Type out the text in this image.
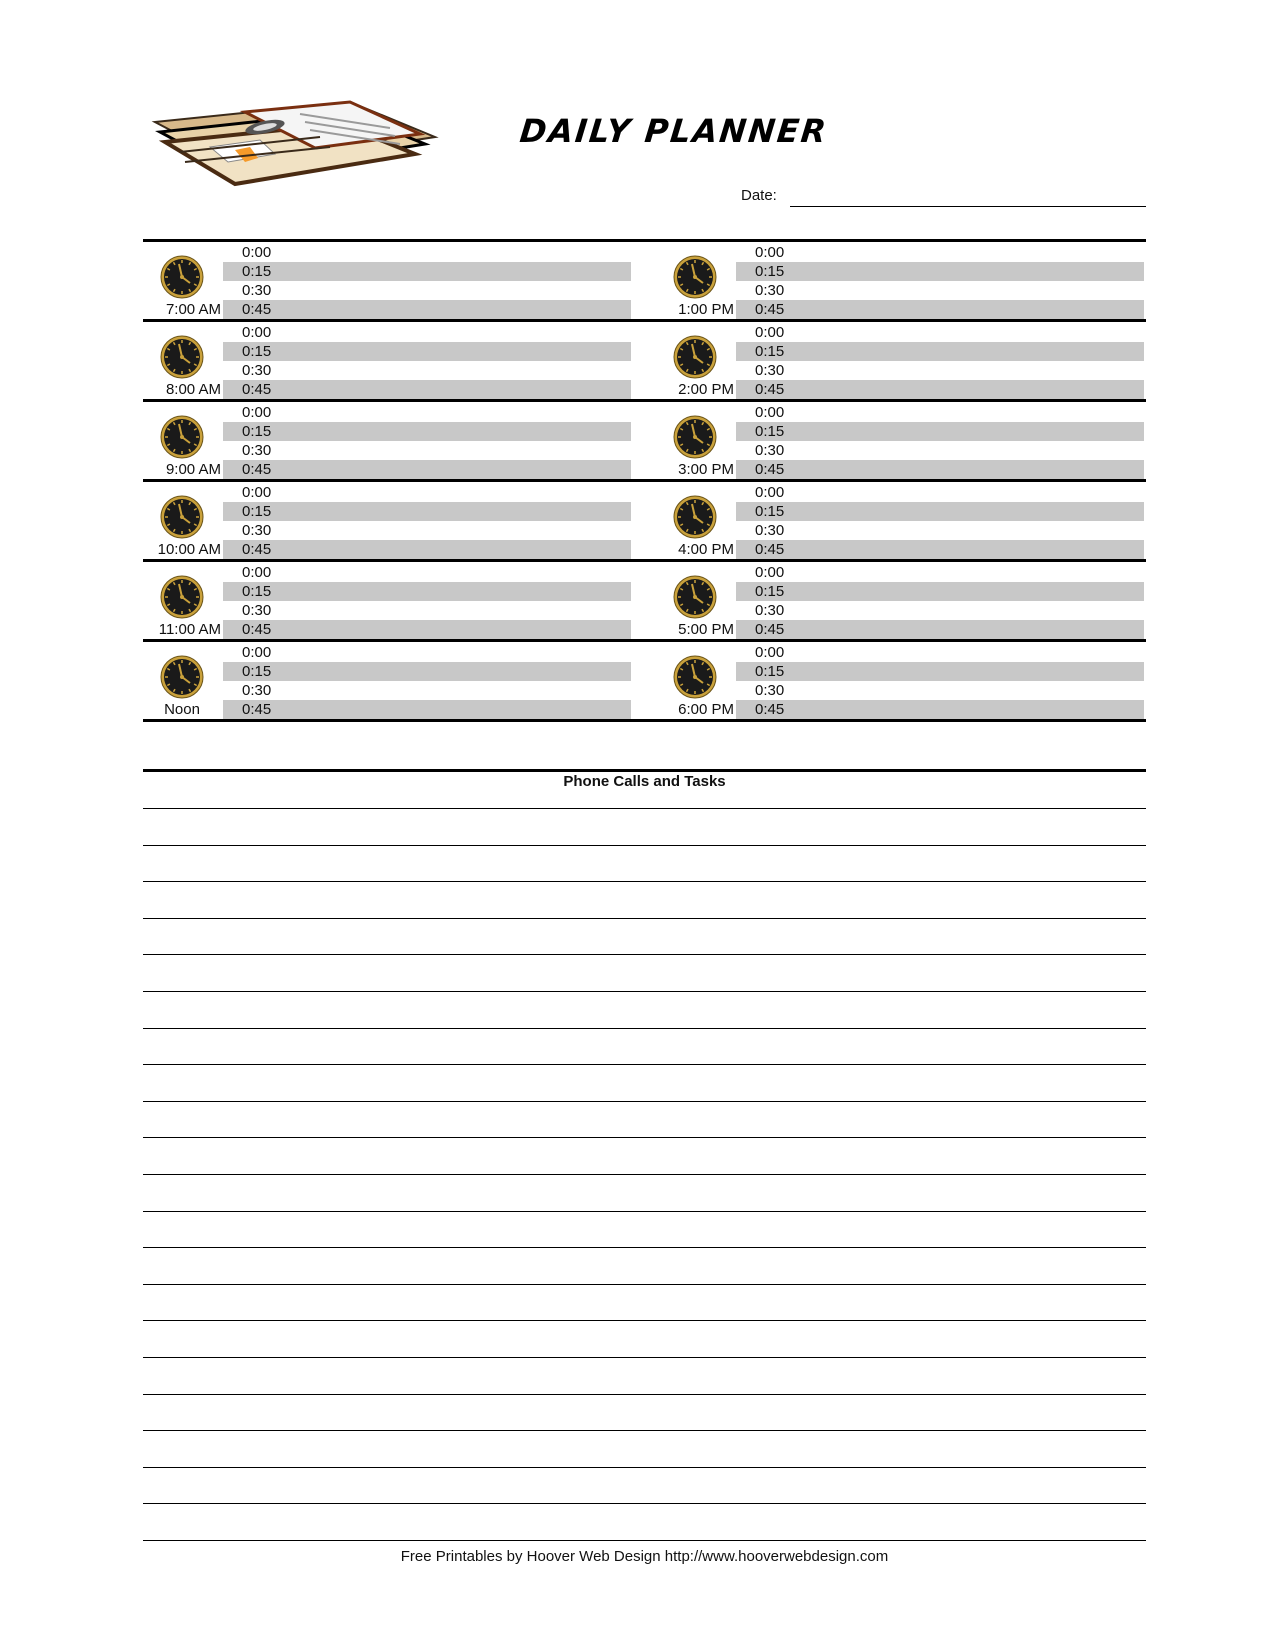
DAILY PLANNER
Date:
7:00 AM
0:00
0:15
0:30
0:45
8:00 AM
0:00
0:15
0:30
0:45
9:00 AM
0:00
0:15
0:30
0:45
10:00 AM
0:00
0:15
0:30
0:45
11:00 AM
0:00
0:15
0:30
0:45
Noon
0:00
0:15
0:30
0:45
1:00 PM
0:00
0:15
0:30
0:45
2:00 PM
0:00
0:15
0:30
0:45
3:00 PM
0:00
0:15
0:30
0:45
4:00 PM
0:00
0:15
0:30
0:45
5:00 PM
0:00
0:15
0:30
0:45
6:00 PM
0:00
0:15
0:30
0:45
Phone Calls and Tasks
Free Printables by Hoover Web Design http://www.hooverwebdesign.com
